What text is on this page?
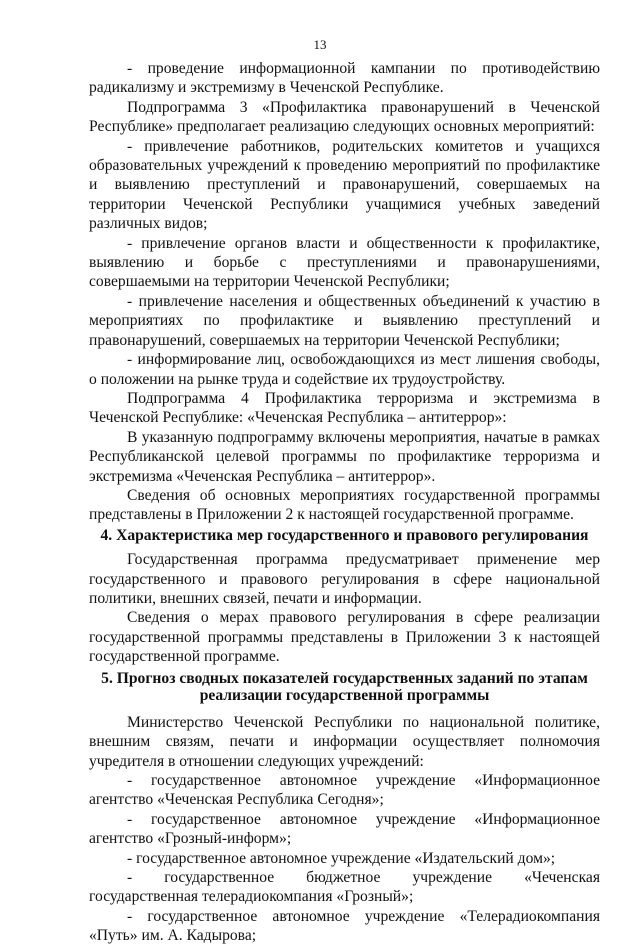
13

- проведение информационной кампании по противодействию радикализму и экстремизму в Чеченской Республике.

Подпрограмма 3 «Профилактика правонарушений в Чеченской Республике» предполагает реализацию следующих основных мероприятий:

- привлечение работников, родительских комитетов и учащихся образовательных учреждений к проведению мероприятий по профилактике и выявлению преступлений и правонарушений, совершаемых на территории Чеченской Республики учащимися учебных заведений различных видов;

- привлечение органов власти и общественности к профилактике, выявлению и борьбе с преступлениями и правонарушениями, совершаемыми на территории Чеченской Республики;

- привлечение населения и общественных объединений к участию в мероприятиях по профилактике и выявлению преступлений и правонарушений, совершаемых на территории Чеченской Республики;

- информирование лиц, освобождающихся из мест лишения свободы, о положении на рынке труда и содействие их трудоустройству.

Подпрограмма 4 Профилактика терроризма и экстремизма в Чеченской Республике: «Чеченская Республика – антитеррор»:

В указанную подпрограмму включены мероприятия, начатые в рамках Республиканской целевой программы по профилактике терроризма и экстремизма «Чеченская Республика – антитеррор».

Сведения об основных мероприятиях государственной программы представлены в Приложении 2 к настоящей государственной программе.

4. Характеристика мер государственного и правового регулирования

Государственная программа предусматривает применение мер государственного и правового регулирования в сфере национальной политики, внешних связей, печати и информации.

Сведения о мерах правового регулирования в сфере реализации государственной программы представлены в Приложении 3 к настоящей государственной программе.

5. Прогноз сводных показателей государственных заданий по этапам реализации государственной программы

Министерство Чеченской Республики по национальной политике, внешним связям, печати и информации осуществляет полномочия учредителя в отношении следующих учреждений:

- государственное автономное учреждение «Информационное агентство «Чеченская Республика Сегодня»;

- государственное автономное учреждение «Информационное агентство «Грозный-информ»;

- государственное автономное учреждение «Издательский дом»;

- государственное бюджетное учреждение «Чеченская государственная телерадиокомпания «Грозный»;

- государственное автономное учреждение «Телерадиокомпания «Путь» им. А. Кадырова;
